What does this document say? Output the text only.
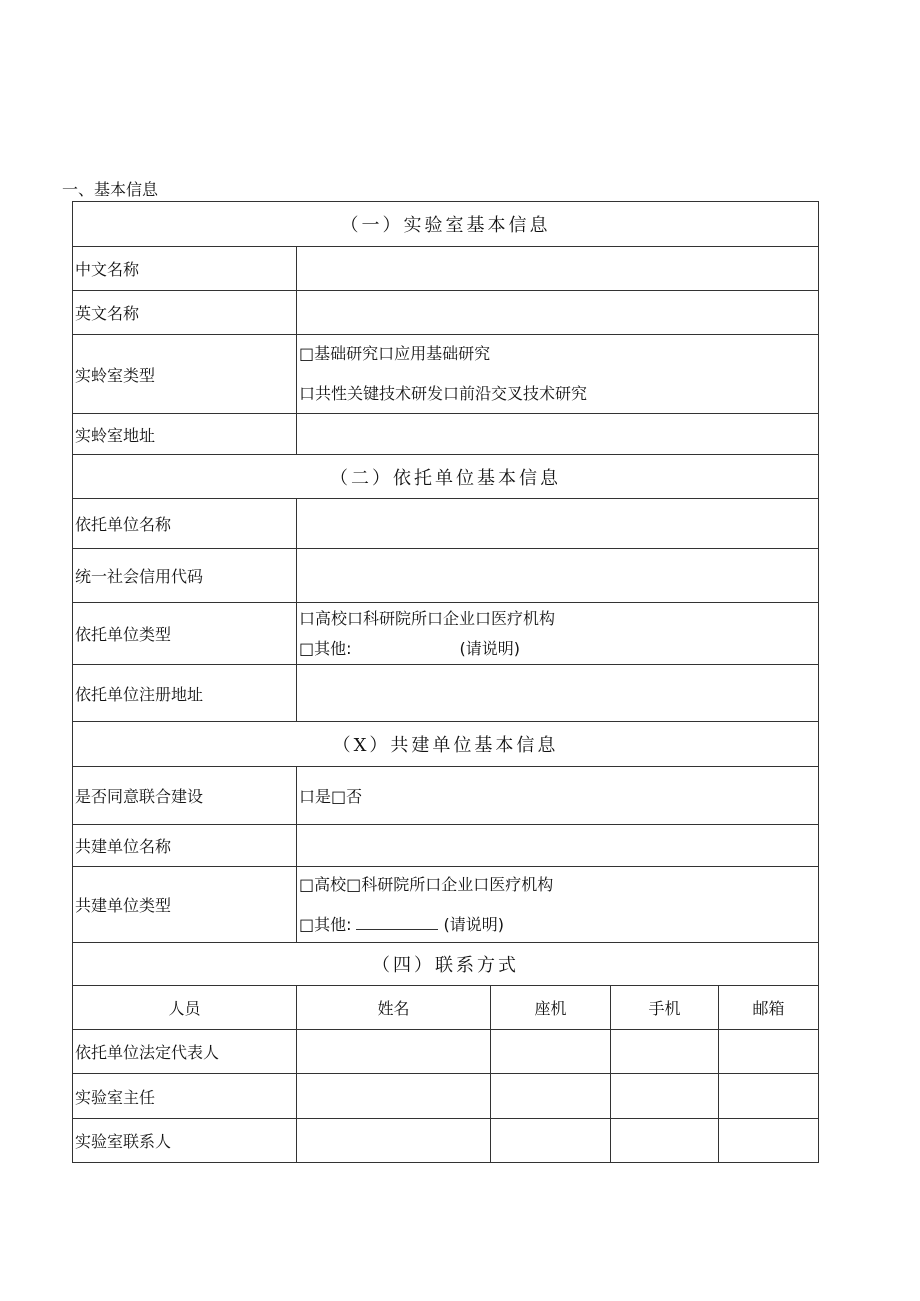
一、基本信息
（一）实验室基本信息	
中文名称	
英文名称	
实蛉室类型	□基础研究口应用基础研究
口共性关键技术研发口前沿交叉技术研究

实蛉室地址	
（二）依托单位基本信息	
依托单位名称	
统一社会信用代码	
依托单位类型	口高校口科研院所口企业口医疗机构
□其他: (请说明)

依托单位注册地址	
（X）共建单位基本信息	
是否同意联合建设	口是□否
共建单位名称	
共建单位类型	□高校□科研院所口企业口医疗机构
□其他: (请说明)
（四）联系方式				
人员	姓名	座机	手机	邮箱
依托单位法定代表人				
实验室主任				
实验室联系人				
